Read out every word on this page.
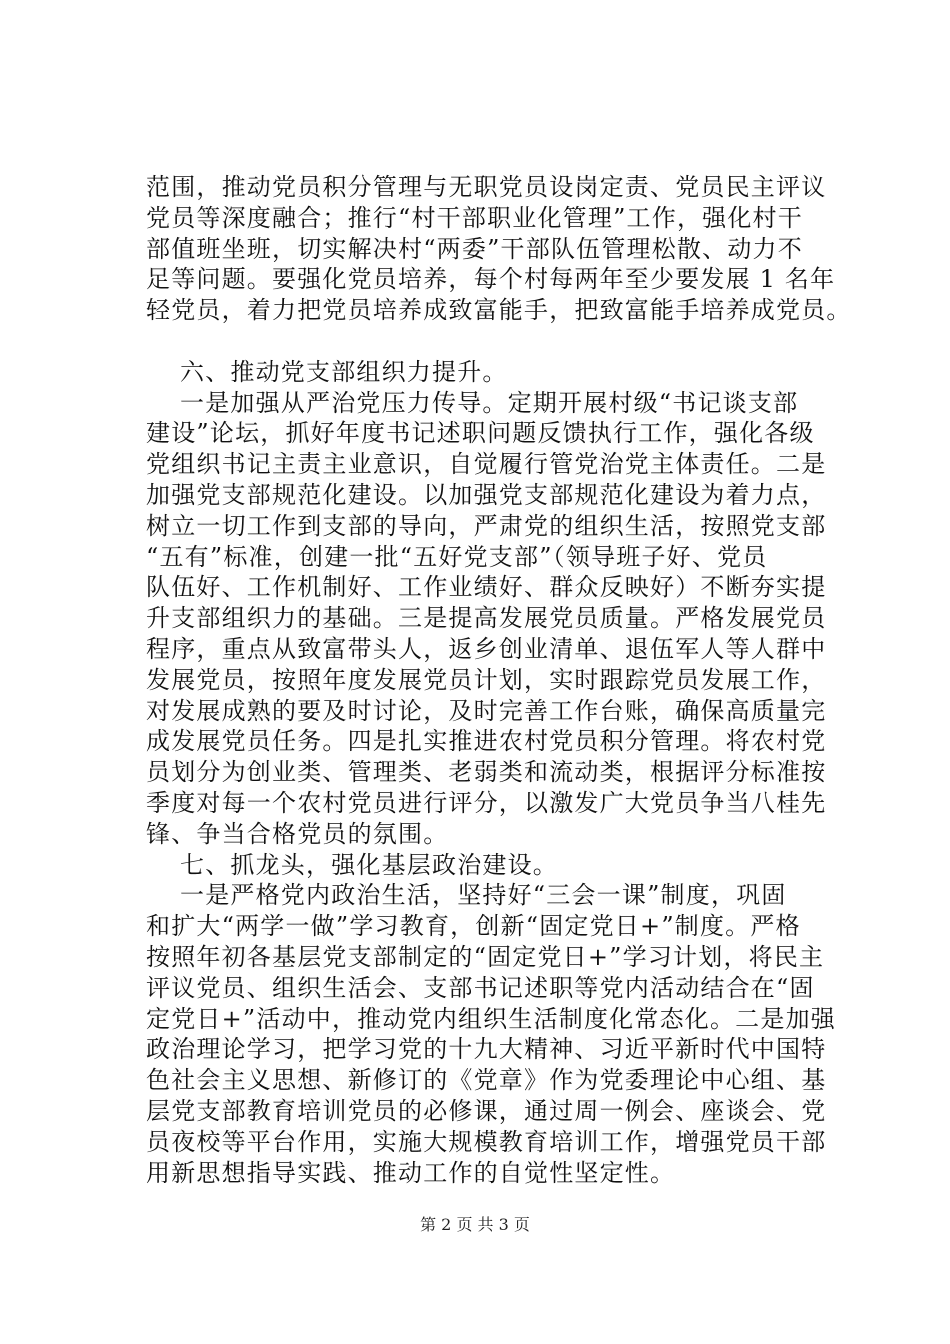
范围，推动党员积分管理与无职党员设岗定责、党员民主评议
党员等深度融合；推行“村干部职业化管理”工作，强化村干
部值班坐班，切实解决村“两委”干部队伍管理松散、动力不
足等问题。要强化党员培养，每个村每两年至少要发展 1 名年
轻党员，着力把党员培养成致富能手，把致富能手培养成党员。
六、推动党支部组织力提升。
一是加强从严治党压力传导。定期开展村级“书记谈支部
建设”论坛，抓好年度书记述职问题反馈执行工作，强化各级
党组织书记主责主业意识，自觉履行管党治党主体责任。二是
加强党支部规范化建设。以加强党支部规范化建设为着力点，
树立一切工作到支部的导向，严肃党的组织生活，按照党支部
“五有”标准，创建一批“五好党支部”（领导班子好、党员
队伍好、工作机制好、工作业绩好、群众反映好）不断夯实提
升支部组织力的基础。三是提高发展党员质量。严格发展党员
程序，重点从致富带头人，返乡创业清单、退伍军人等人群中
发展党员，按照年度发展党员计划，实时跟踪党员发展工作，
对发展成熟的要及时讨论，及时完善工作台账，确保高质量完
成发展党员任务。四是扎实推进农村党员积分管理。将农村党
员划分为创业类、管理类、老弱类和流动类，根据评分标准按
季度对每一个农村党员进行评分，以激发广大党员争当八桂先
锋、争当合格党员的氛围。
七、抓龙头，强化基层政治建设。
一是严格党内政治生活，坚持好“三会一课”制度，巩固
和扩大“两学一做”学习教育，创新“固定党日+”制度。严格
按照年初各基层党支部制定的“固定党日+”学习计划，将民主
评议党员、组织生活会、支部书记述职等党内活动结合在“固
定党日+”活动中，推动党内组织生活制度化常态化。二是加强
政治理论学习，把学习党的十九大精神、习近平新时代中国特
色社会主义思想、新修订的《党章》作为党委理论中心组、基
层党支部教育培训党员的必修课，通过周一例会、座谈会、党
员夜校等平台作用，实施大规模教育培训工作，增强党员干部
用新思想指导实践、推动工作的自觉性坚定性。
第 2 页 共 3 页
